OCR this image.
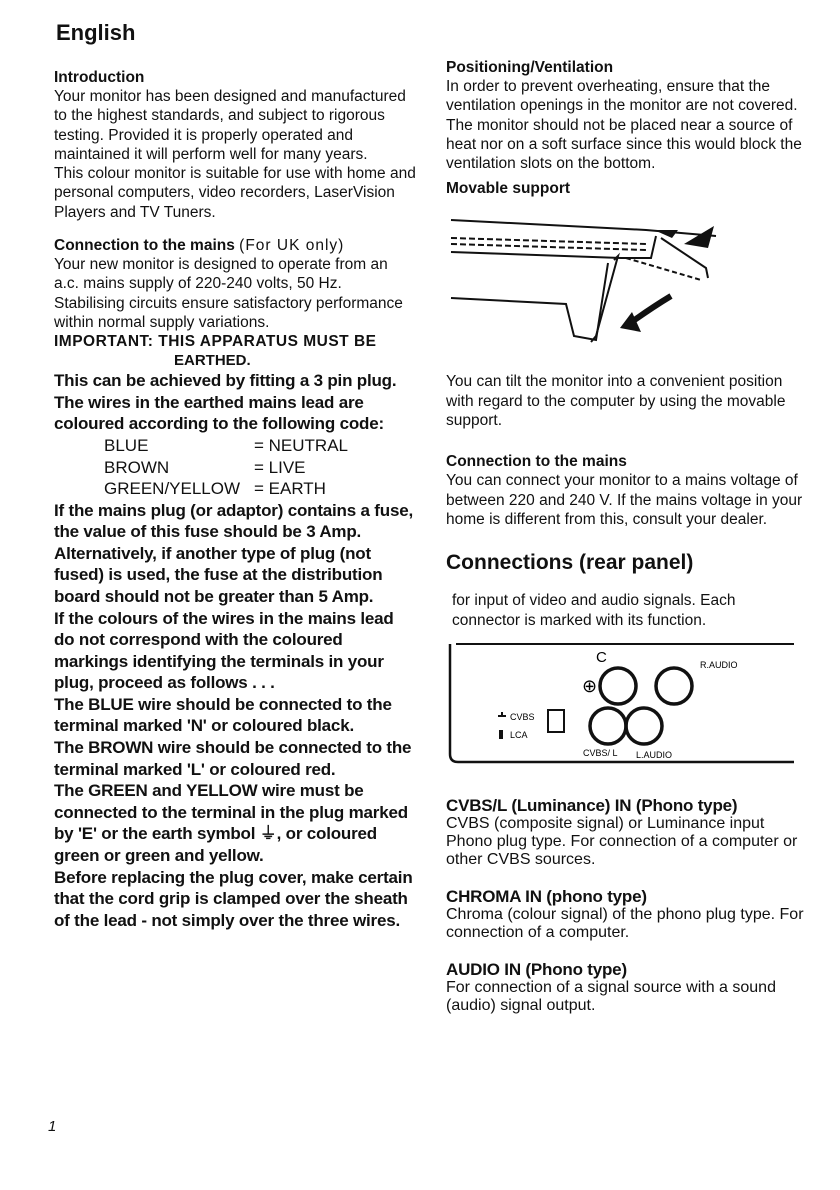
English

Introduction

Your monitor has been designed and manufactured to the highest standards, and subject to rigorous testing. Provided it is properly operated and maintained it will perform well for many years.

This colour monitor is suitable for use with home and personal computers, video recorders, LaserVision Players and TV Tuners.

Connection to the mains (For UK only)

Your new monitor is designed to operate from an a.c. mains supply of 220-240 volts, 50 Hz. Stabilising circuits ensure satisfactory performance within normal supply variations.

IMPORTANT: THIS APPARATUS MUST BE

EARTHED.

This can be achieved by fitting a 3 pin plug. The wires in the earthed mains lead are coloured according to the following code:

BLUE	= NEUTRAL
BROWN	= LIVE
GREEN/YELLOW = EARTH

If the mains plug (or adaptor) contains a fuse, the value of this fuse should be 3 Amp. Alternatively, if another type of plug (not fused) is used, the fuse at the distribution board should not be greater than 5 Amp.

If the colours of the wires in the mains lead do not correspond with the coloured markings identifying the terminals in your plug, proceed as follows . . .

The BLUE wire should be connected to the terminal marked 'N' or coloured black.

The BROWN wire should be connected to the terminal marked 'L' or coloured red.

The GREEN and YELLOW wire must be connected to the terminal in the plug marked by 'E' or the earth symbol ⏚, or coloured green or green and yellow.

Before replacing the plug cover, make certain that the cord grip is clamped over the sheath of the lead - not simply over the three wires.

1

Positioning/Ventilation

In order to prevent overheating, ensure that the ventilation openings in the monitor are not covered.

The monitor should not be placed near a source of heat nor on a soft surface since this would block the ventilation slots on the bottom.

Movable support

You can tilt the monitor into a convenient position with regard to the computer by using the movable support.

Connection to the mains

You can connect your monitor to a mains voltage of between 220 and 240 V. If the mains voltage in your home is different from this, consult your dealer.

Connections (rear panel)

for input of video and audio signals. Each connector is marked with its function.

C
⊕
R.AUDIO
CVBS
LCA
CVBS/ L L.AUDIO

CVBS/L (Luminance) IN (Phono type)

CVBS (composite signal) or Luminance input Phono plug type. For connection of a computer or other CVBS sources.

CHROMA IN (phono type)

Chroma (colour signal) of the phono plug type. For connection of a computer.

AUDIO IN (Phono type)

For connection of a signal source with a sound (audio) signal output.
